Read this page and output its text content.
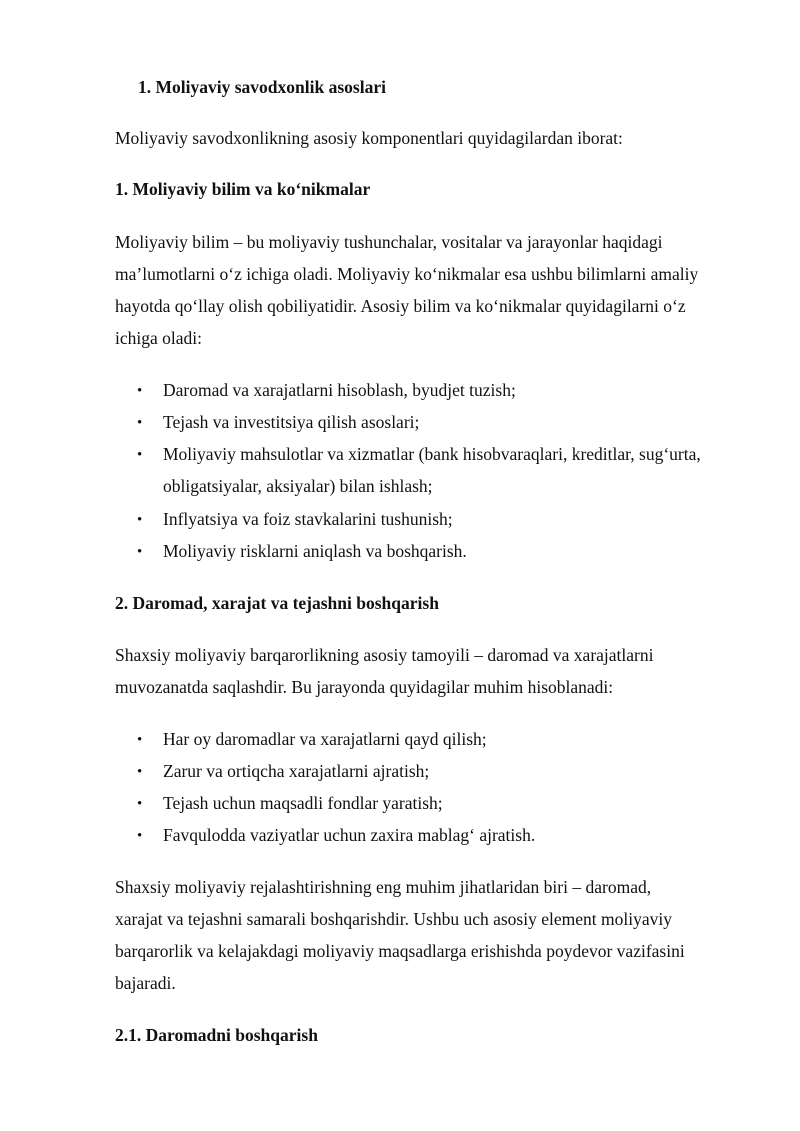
1. Moliyaviy savodxonlik asoslari
Moliyaviy savodxonlikning asosiy komponentlari quyidagilardan iborat:
1. Moliyaviy bilim va ko‘nikmalar
Moliyaviy bilim – bu moliyaviy tushunchalar, vositalar va jarayonlar haqidagi
ma’lumotlarni o‘z ichiga oladi. Moliyaviy ko‘nikmalar esa ushbu bilimlarni amaliy
hayotda qo‘llay olish qobiliyatidir. Asosiy bilim va ko‘nikmalar quyidagilarni o‘z
ichiga oladi:
• Daromad va xarajatlarni hisoblash, byudjet tuzish;
• Tejash va investitsiya qilish asoslari;
• Moliyaviy mahsulotlar va xizmatlar (bank hisobvaraqlari, kreditlar, sug‘urta,
obligatsiyalar, aksiyalar) bilan ishlash;
• Inflyatsiya va foiz stavkalarini tushunish;
• Moliyaviy risklarni aniqlash va boshqarish.
2. Daromad, xarajat va tejashni boshqarish
Shaxsiy moliyaviy barqarorlikning asosiy tamoyili – daromad va xarajatlarni
muvozanatda saqlashdir. Bu jarayonda quyidagilar muhim hisoblanadi:
• Har oy daromadlar va xarajatlarni qayd qilish;
• Zarur va ortiqcha xarajatlarni ajratish;
• Tejash uchun maqsadli fondlar yaratish;
• Favqulodda vaziyatlar uchun zaxira mablag‘ ajratish.
Shaxsiy moliyaviy rejalashtirishning eng muhim jihatlaridan biri – daromad,
xarajat va tejashni samarali boshqarishdir. Ushbu uch asosiy element moliyaviy
barqarorlik va kelajakdagi moliyaviy maqsadlarga erishishda poydevor vazifasini
bajaradi.
2.1. Daromadni boshqarish
